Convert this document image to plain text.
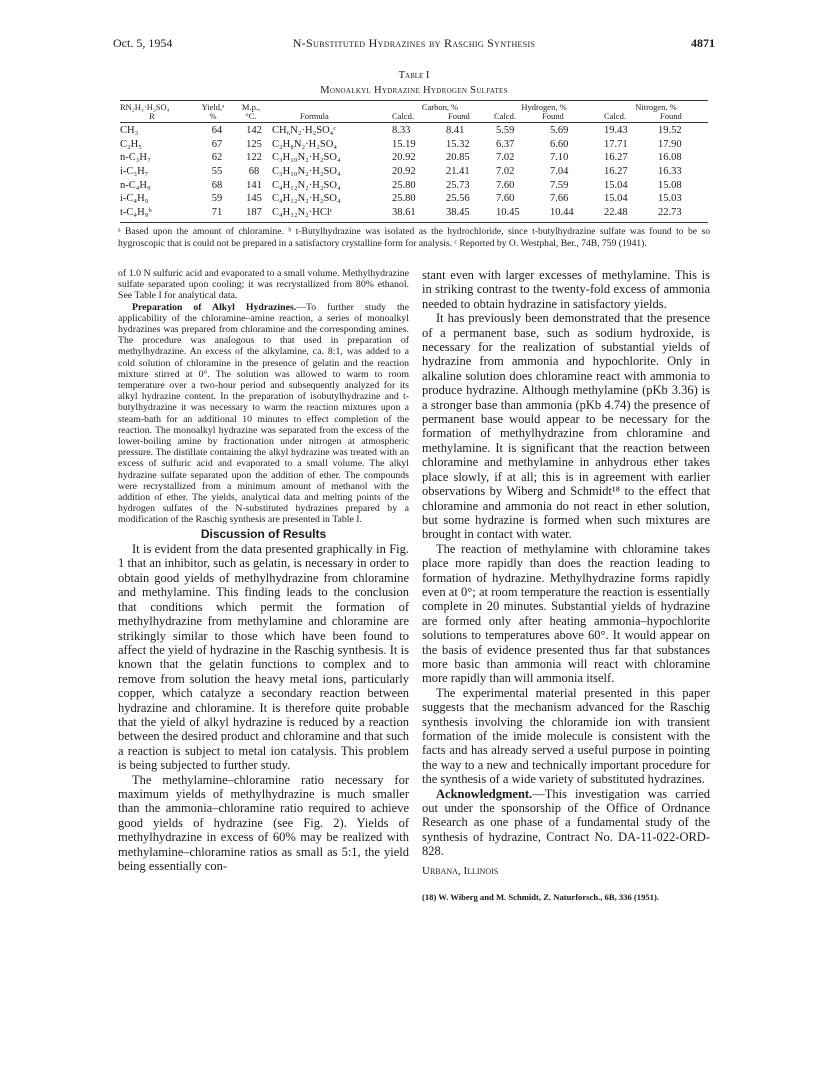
Oct. 5, 1954	N-Substituted Hydrazines by Raschig Synthesis	4871
Table I
Monoalkyl Hydrazine Hydrogen Sulfates
RN₂H₃·H₂SO₄
R
Yield,ᵃ
%
M.p.,
°C.	Formula
Carbon, %
Calcd.	Found
Hydrogen, %
Calcd.	Found
Nitrogen, %
Calcd.	Found
CH₃	64	142	CH₆N₂·H₂SO₄ᶜ	8.33	8.41	5.59	5.69	19.43	19.52
C₂H₅	67	125	C₂H₈N₂·H₂SO₄	15.19	15.32	6.37	6.60	17.71	17.90
n-C₃H₇	62	122	C₃H₁₀N₂·H₂SO₄	20.92	20.85	7.02	7.10	16.27	16.08
i-C₃H₇	55	68	C₃H₁₀N₂·H₂SO₄	20.92	21.41	7.02	7.04	16.27	16.33
n-C₄H₉	68	141	C₄H₁₂N₂·H₂SO₄	25.80	25.73	7.60	7.59	15.04	15.08
i-C₄H₉	59	145	C₄H₁₂N₂·H₂SO₄	25.80	25.56	7.60	7.66	15.04	15.03
t-C₄H₉ᵇ	71	187	C₄H₁₂N₂·HClᶜ	38.61	38.45	10.45	10.44	22.48	22.73
ᵃ Based upon the amount of chloramine. ᵇ t-Butylhydrazine was isolated as the hydrochloride, since t-butylhydrazine sulfate was found to be so hygroscopic that is could not be prepared in a satisfactory crystalline form for analysis. ᶜ Reported by O. Westphal, Ber., 74B, 759 (1941).

of 1.0 N sulfuric acid and evaporated to a small volume. Methylhydrazine sulfate separated upon cooling; it was recrystallized from 80% ethanol. See Table I for analytical data.

Preparation of Alkyl Hydrazines.—To further study the applicability of the chloramine–amine reaction, a series of monoalkyl hydrazines was prepared from chloramine and the corresponding amines. The procedure was analogous to that used in preparation of methylhydrazine. An excess of the alkylamine, ca. 8:1, was added to a cold solution of chloramine in the presence of gelatin and the reaction mixture stirred at 0°. The solution was allowed to warm to room temperature over a two-hour period and subsequently analyzed for its alkyl hydrazine content. In the preparation of isobutylhydrazine and t-butylhydrazine it was necessary to warm the reaction mixtures upon a steam-bath for an additional 10 minutes to effect completion of the reaction. The monoalkyl hydrazine was separated from the excess of the lower-boiling amine by fractionation under nitrogen at atmospheric pressure. The distillate containing the alkyl hydrazine was treated with an excess of sulfuric acid and evaporated to a small volume. The alkyl hydrazine sulfate separated upon the addition of ether. The compounds were recrystallized from a minimum amount of methanol with the addition of ether. The yields, analytical data and melting points of the hydrogen sulfates of the N-substituted hydrazines prepared by a modification of the Raschig synthesis are presented in Table I.

Discussion of Results

It is evident from the data presented graphically in Fig. 1 that an inhibitor, such as gelatin, is necessary in order to obtain good yields of methylhydrazine from chloramine and methylamine. This finding leads to the conclusion that conditions which permit the formation of methylhydrazine from methylamine and chloramine are strikingly similar to those which have been found to affect the yield of hydrazine in the Raschig synthesis. It is known that the gelatin functions to complex and to remove from solution the heavy metal ions, particularly copper, which catalyze a secondary reaction between hydrazine and chloramine. It is therefore quite probable that the yield of alkyl hydrazine is reduced by a reaction between the desired product and chloramine and that such a reaction is subject to metal ion catalysis. This problem is being subjected to further study.

The methylamine–chloramine ratio necessary for maximum yields of methylhydrazine is much smaller than the ammonia–chloramine ratio required to achieve good yields of hydrazine (see Fig. 2). Yields of methylhydrazine in excess of 60% may be realized with methylamine–chloramine ratios as small as 5:1, the yield being essentially con-

stant even with larger excesses of methylamine. This is in striking contrast to the twenty-fold excess of ammonia needed to obtain hydrazine in satisfactory yields.

It has previously been demonstrated that the presence of a permanent base, such as sodium hydroxide, is necessary for the realization of substantial yields of hydrazine from ammonia and hypochlorite. Only in alkaline solution does chloramine react with ammonia to produce hydrazine. Although methylamine (pKb 3.36) is a stronger base than ammonia (pKb 4.74) the presence of permanent base would appear to be necessary for the formation of methylhydrazine from chloramine and methylamine. It is significant that the reaction between chloramine and methylamine in anhydrous ether takes place slowly, if at all; this is in agreement with earlier observations by Wiberg and Schmidt¹⁸ to the effect that chloramine and ammonia do not react in ether solution, but some hydrazine is formed when such mixtures are brought in contact with water.

The reaction of methylamine with chloramine takes place more rapidly than does the reaction leading to formation of hydrazine. Methylhydrazine forms rapidly even at 0°; at room temperature the reaction is essentially complete in 20 minutes. Substantial yields of hydrazine are formed only after heating ammonia–hypochlorite solutions to temperatures above 60°. It would appear on the basis of evidence presented thus far that substances more basic than ammonia will react with chloramine more rapidly than will ammonia itself.

The experimental material presented in this paper suggests that the mechanism advanced for the Raschig synthesis involving the chloramide ion with transient formation of the imide molecule is consistent with the facts and has already served a useful purpose in pointing the way to a new and technically important procedure for the synthesis of a wide variety of substituted hydrazines.

Acknowledgment.—This investigation was carried out under the sponsorship of the Office of Ordnance Research as one phase of a fundamental study of the synthesis of hydrazine, Contract No. DA-11-022-ORD-828.

Urbana, Illinois
(18) W. Wiberg and M. Schmidt, Z. Naturforsch., 6B, 336 (1951).
